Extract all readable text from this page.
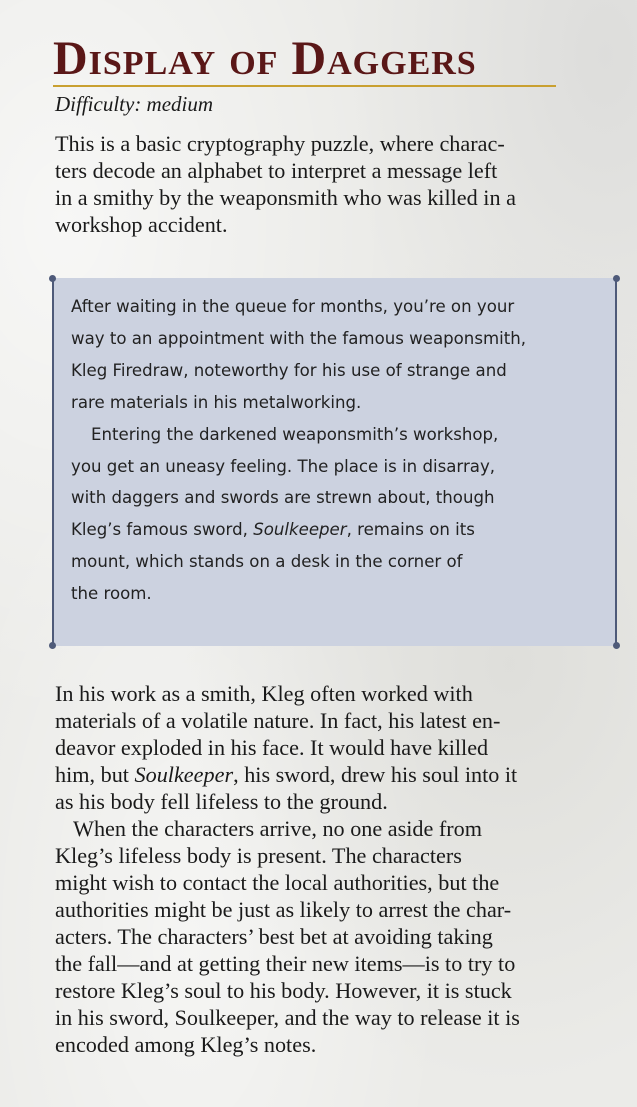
Display of Daggers

Difficulty: medium

This is a basic cryptography puzzle, where charac-
ters decode an alphabet to interpret a message left
in a smithy by the weaponsmith who was killed in a
workshop accident.

After waiting in the queue for months, you’re on your
way to an appointment with the famous weaponsmith,
Kleg Firedraw, noteworthy for his use of strange and
rare materials in his metalworking.

Entering the darkened weaponsmith’s workshop,
you get an uneasy feeling. The place is in disarray,
with daggers and swords are strewn about, though
Kleg’s famous sword, Soulkeeper, remains on its
mount, which stands on a desk in the corner of
the room.

In his work as a smith, Kleg often worked with
materials of a volatile nature. In fact, his latest en-
deavor exploded in his face. It would have killed
him, but Soulkeeper, his sword, drew his soul into it
as his body fell lifeless to the ground.

When the characters arrive, no one aside from
Kleg’s lifeless body is present. The characters
might wish to contact the local authorities, but the
authorities might be just as likely to arrest the char-
acters. The characters’ best bet at avoiding taking
the fall—and at getting their new items—is to try to
restore Kleg’s soul to his body. However, it is stuck
in his sword, Soulkeeper, and the way to release it is
encoded among Kleg’s notes.
